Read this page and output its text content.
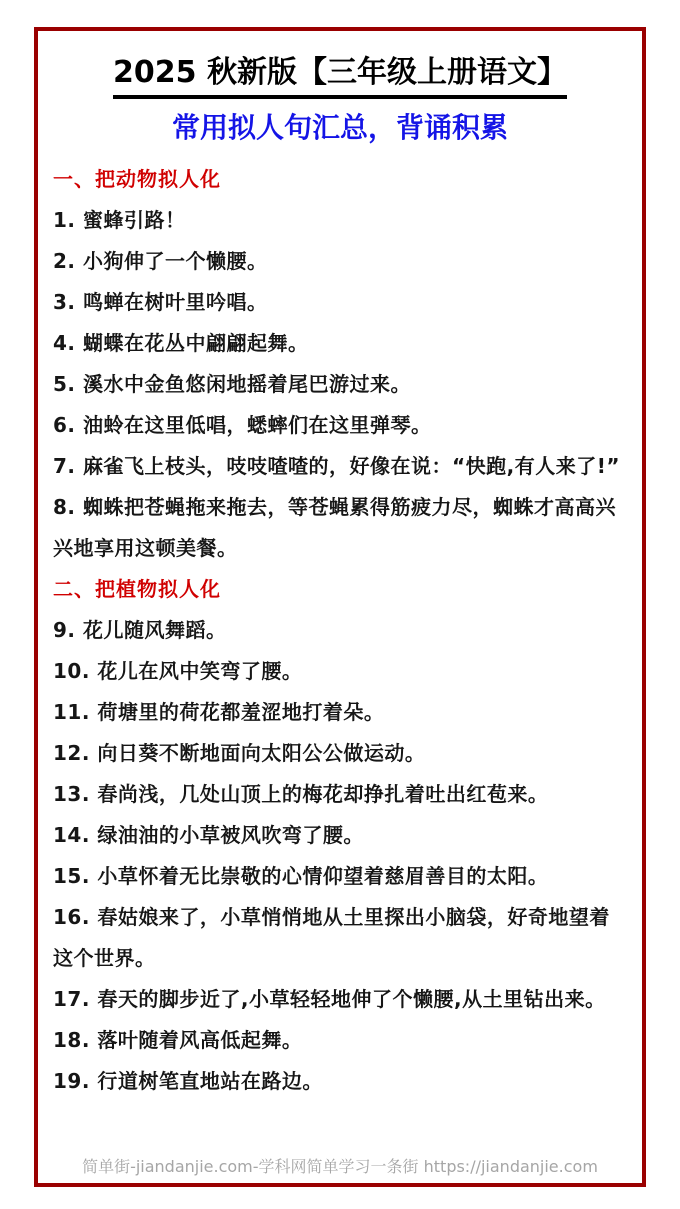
2025 秋新版【三年级上册语文】
常用拟人句汇总，背诵积累

一、把动物拟人化

1. 蜜蜂引路！

2. 小狗伸了一个懒腰。

3. 鸣蝉在树叶里吟唱。

4. 蝴蝶在花丛中翩翩起舞。

5. 溪水中金鱼悠闲地摇着尾巴游过来。

6. 油蛉在这里低唱，蟋蟀们在这里弹琴。

7. 麻雀飞上枝头，吱吱喳喳的，好像在说：“快跑,有人来了!”

8. 蜘蛛把苍蝇拖来拖去，等苍蝇累得筋疲力尽，蜘蛛才高高兴兴地享用这顿美餐。

二、把植物拟人化

9. 花儿随风舞蹈。

10. 花儿在风中笑弯了腰。

11. 荷塘里的荷花都羞涩地打着朵。

12. 向日葵不断地面向太阳公公做运动。

13. 春尚浅，几处山顶上的梅花却挣扎着吐出红苞来。

14. 绿油油的小草被风吹弯了腰。

15. 小草怀着无比崇敬的心情仰望着慈眉善目的太阳。

16. 春姑娘来了，小草悄悄地从土里探出小脑袋，好奇地望着这个世界。

17. 春天的脚步近了,小草轻轻地伸了个懒腰,从土里钻出来。

18. 落叶随着风高低起舞。

19. 行道树笔直地站在路边。

简单街-jiandanjie.com-学科网简单学习一条街 https://jiandanjie.com
